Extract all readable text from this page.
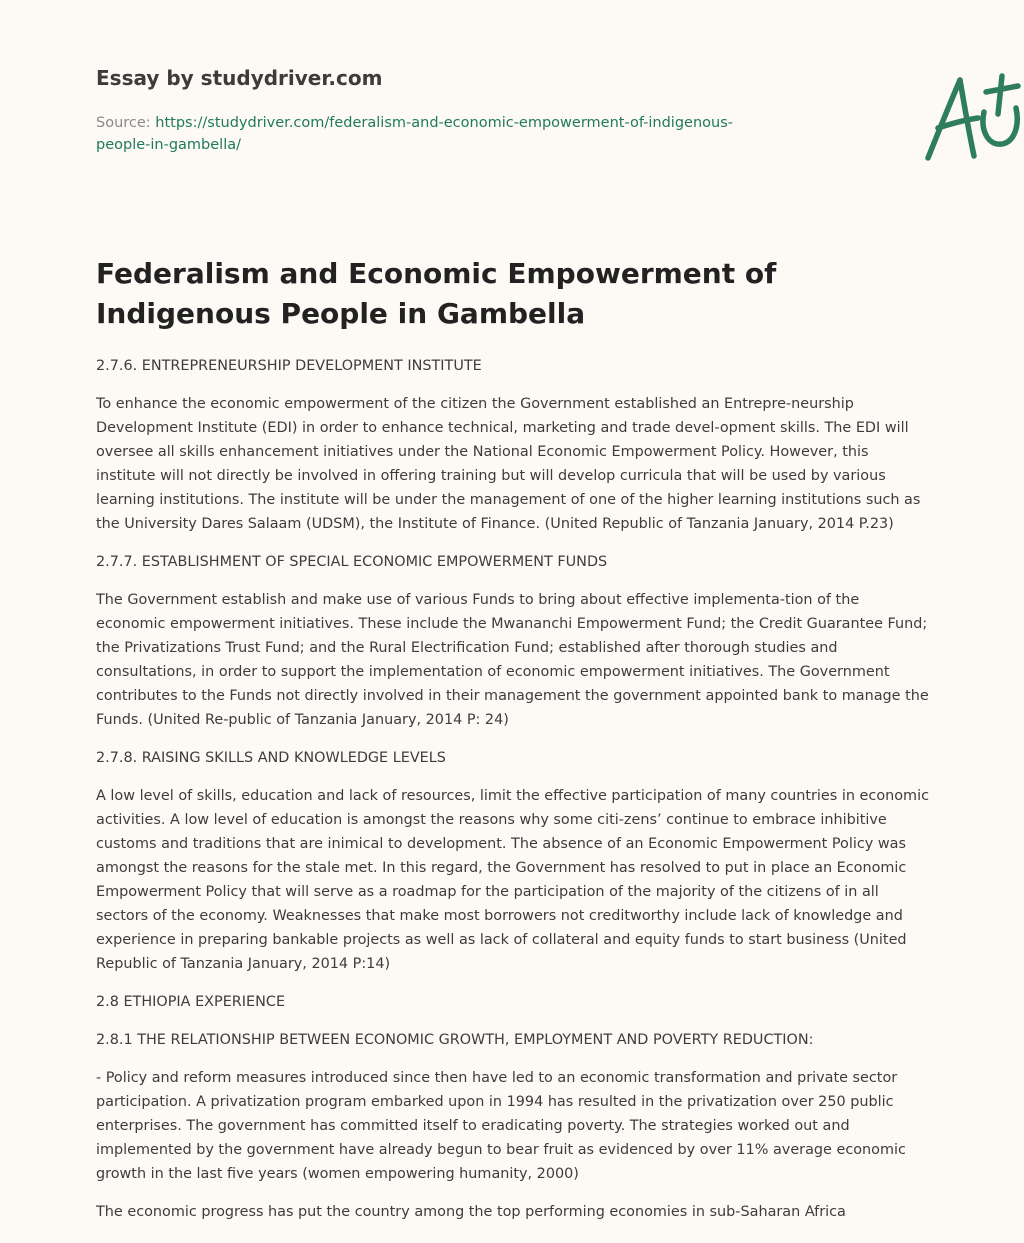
Essay by studydriver.com
Source: https://studydriver.com/federalism-and-economic-empowerment-of-indigenous-people-in-gambella/
Federalism and Economic Empowerment of Indigenous People in Gambella

2.7.6. ENTREPRENEURSHIP DEVELOPMENT INSTITUTE

To enhance the economic empowerment of the citizen the Government established an Entrepre-neurship Development Institute (EDI) in order to enhance technical, marketing and trade devel-opment skills. The EDI will oversee all skills enhancement initiatives under the National Economic Empowerment Policy. However, this institute will not directly be involved in offering training but will develop curricula that will be used by various learning institutions. The institute will be under the management of one of the higher learning institutions such as the University Dares Salaam (UDSM), the Institute of Finance. (United Republic of Tanzania January, 2014 P.23)

2.7.7. ESTABLISHMENT OF SPECIAL ECONOMIC EMPOWERMENT FUNDS

The Government establish and make use of various Funds to bring about effective implementa-tion of the economic empowerment initiatives. These include the Mwananchi Empowerment Fund; the Credit Guarantee Fund; the Privatizations Trust Fund; and the Rural Electrification Fund; established after thorough studies and consultations, in order to support the implementation of economic empowerment initiatives. The Government contributes to the Funds not directly involved in their management the government appointed bank to manage the Funds. (United Re-public of Tanzania January, 2014 P: 24)

2.7.8. RAISING SKILLS AND KNOWLEDGE LEVELS

A low level of skills, education and lack of resources, limit the effective participation of many countries in economic activities. A low level of education is amongst the reasons why some citi-zens’ continue to embrace inhibitive customs and traditions that are inimical to development. The absence of an Economic Empowerment Policy was amongst the reasons for the stale met. In this regard, the Government has resolved to put in place an Economic Empowerment Policy that will serve as a roadmap for the participation of the majority of the citizens of in all sectors of the economy. Weaknesses that make most borrowers not creditworthy include lack of knowledge and experience in preparing bankable projects as well as lack of collateral and equity funds to start business (United Republic of Tanzania January, 2014 P:14)

2.8 ETHIOPIA EXPERIENCE

2.8.1 THE RELATIONSHIP BETWEEN ECONOMIC GROWTH, EMPLOYMENT AND POVERTY REDUCTION:

- Policy and reform measures introduced since then have led to an economic transformation and private sector participation. A privatization program embarked upon in 1994 has resulted in the privatization over 250 public enterprises. The government has committed itself to eradicating poverty. The strategies worked out and implemented by the government have already begun to bear fruit as evidenced by over 11% average economic growth in the last five years (women empowering humanity, 2000)

The economic progress has put the country among the top performing economies in sub-Saharan Africa
